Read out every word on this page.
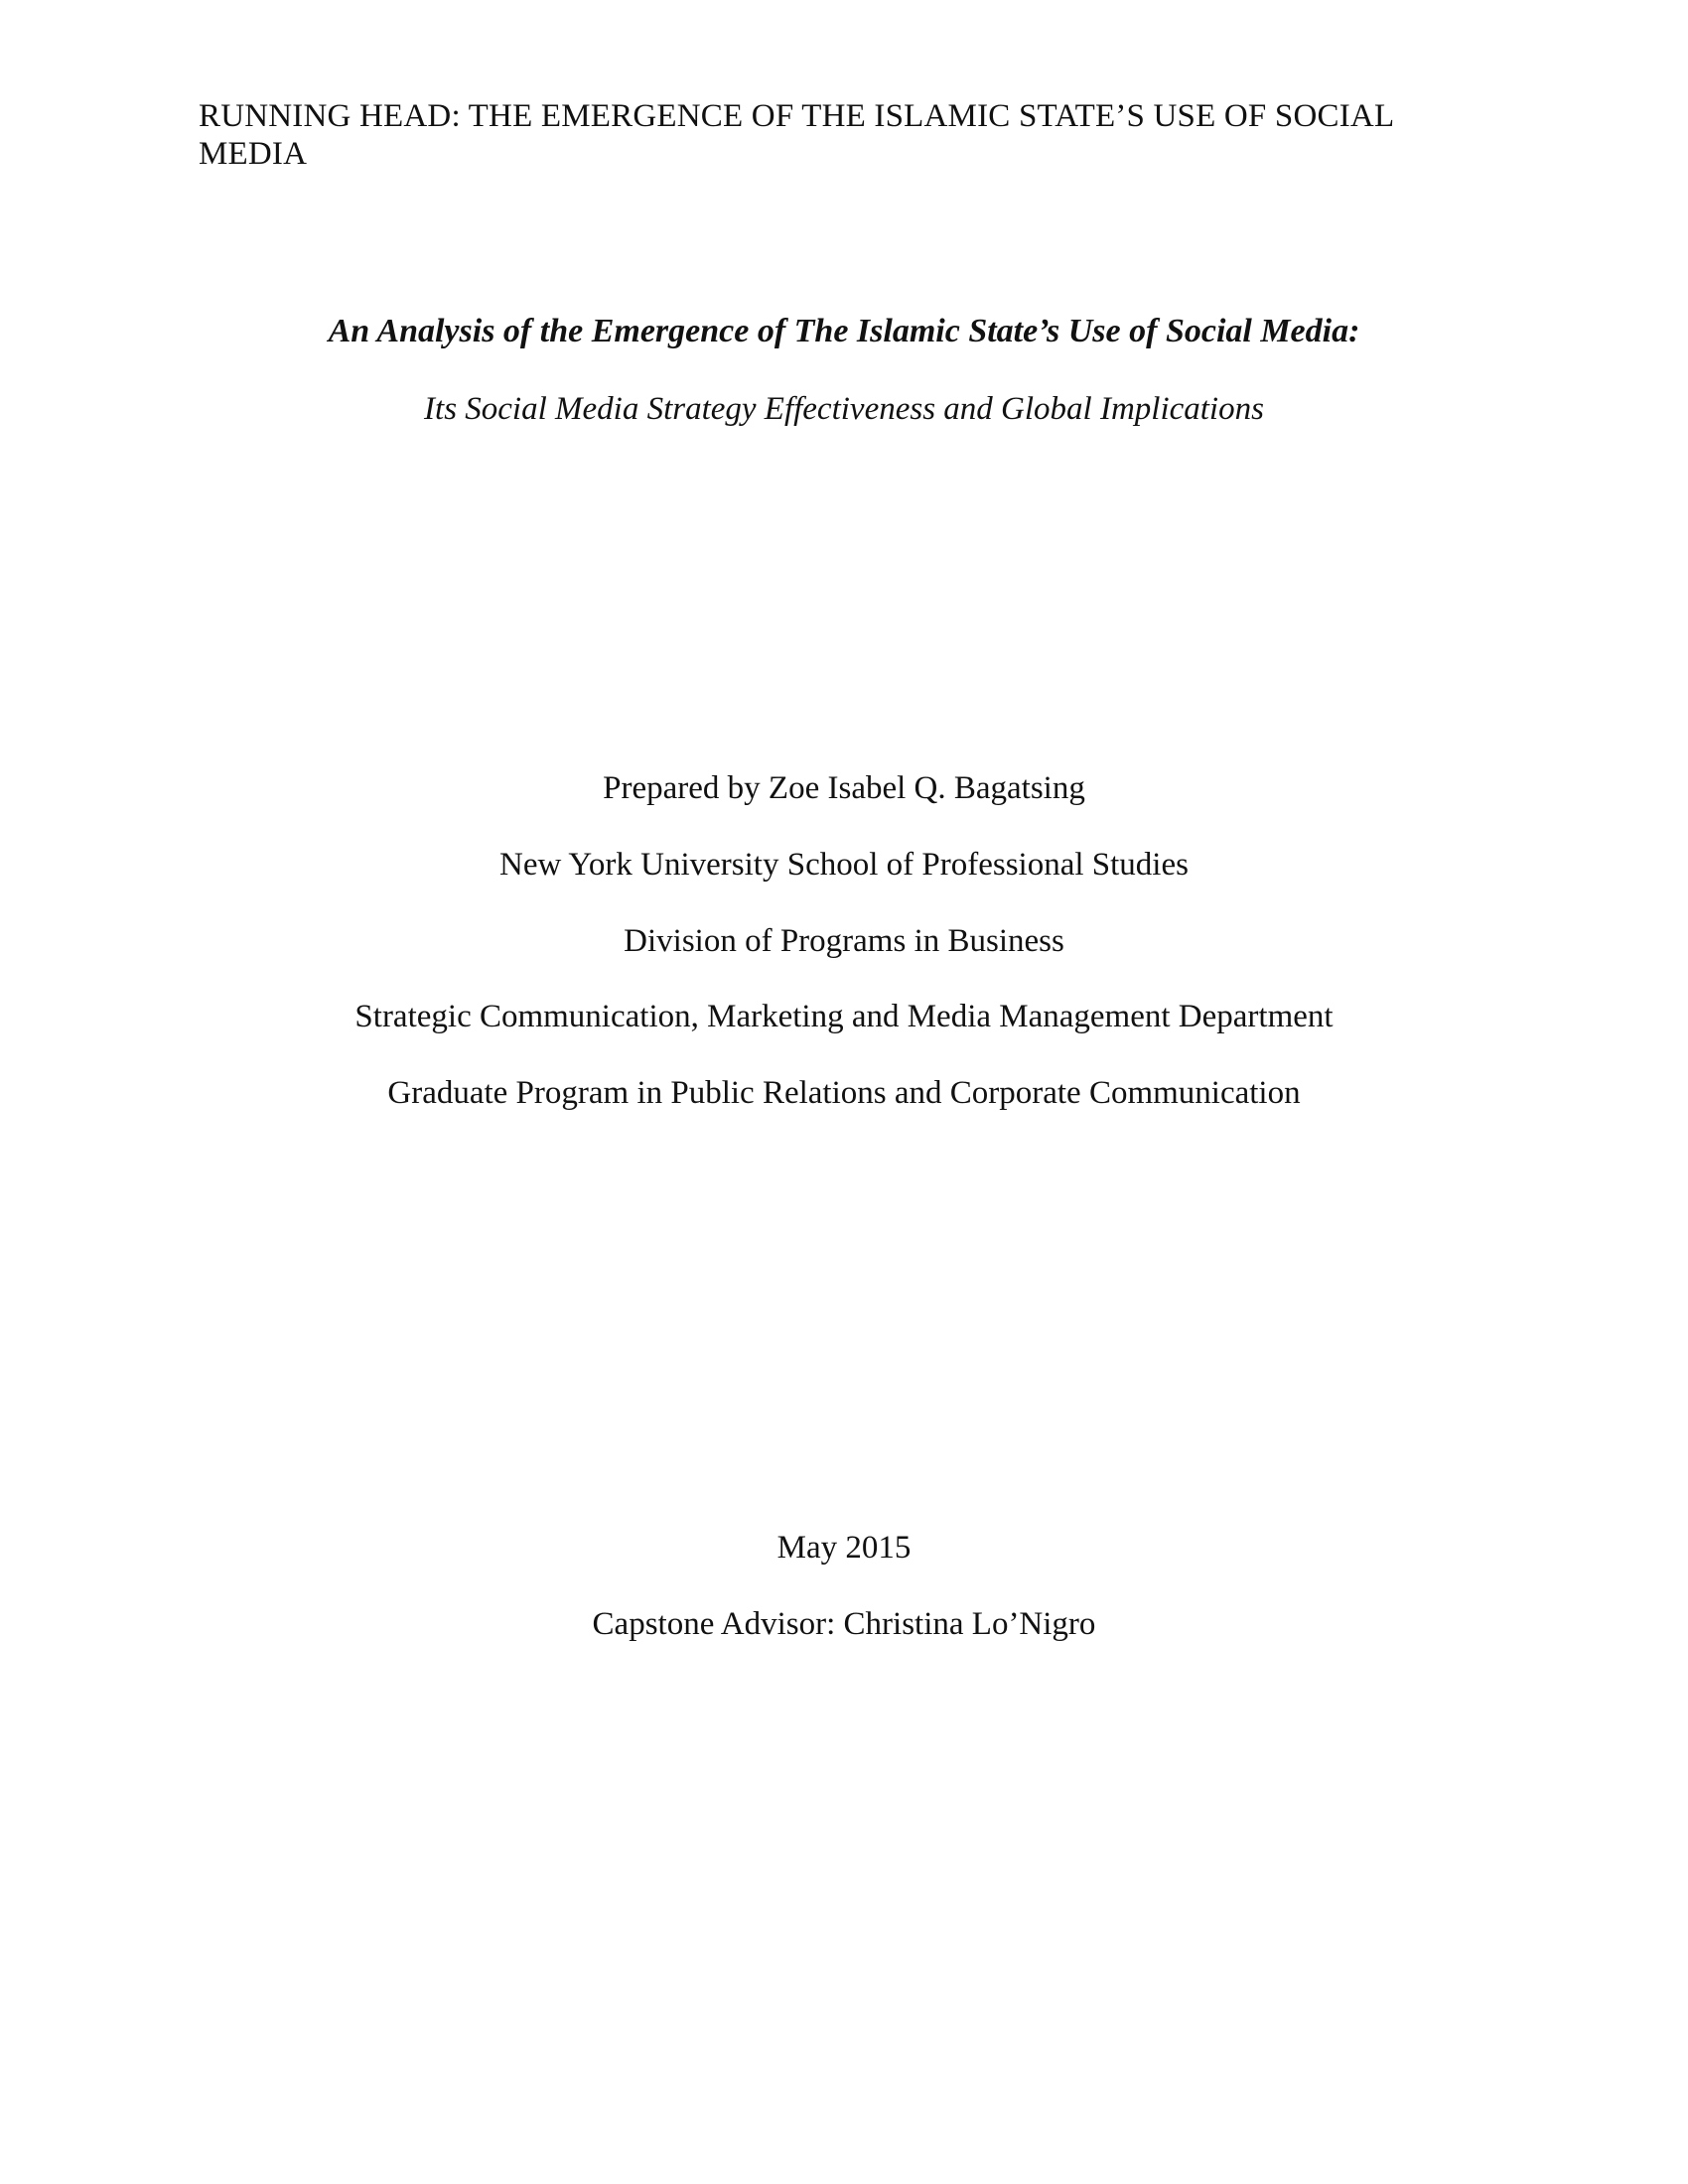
RUNNING HEAD: THE EMERGENCE OF THE ISLAMIC STATE’S USE OF SOCIAL MEDIA
An Analysis of the Emergence of The Islamic State’s Use of Social Media:
Its Social Media Strategy Effectiveness and Global Implications
Prepared by Zoe Isabel Q. Bagatsing
New York University School of Professional Studies
Division of Programs in Business
Strategic Communication, Marketing and Media Management Department
Graduate Program in Public Relations and Corporate Communication
May 2015
Capstone Advisor: Christina Lo’Nigro
